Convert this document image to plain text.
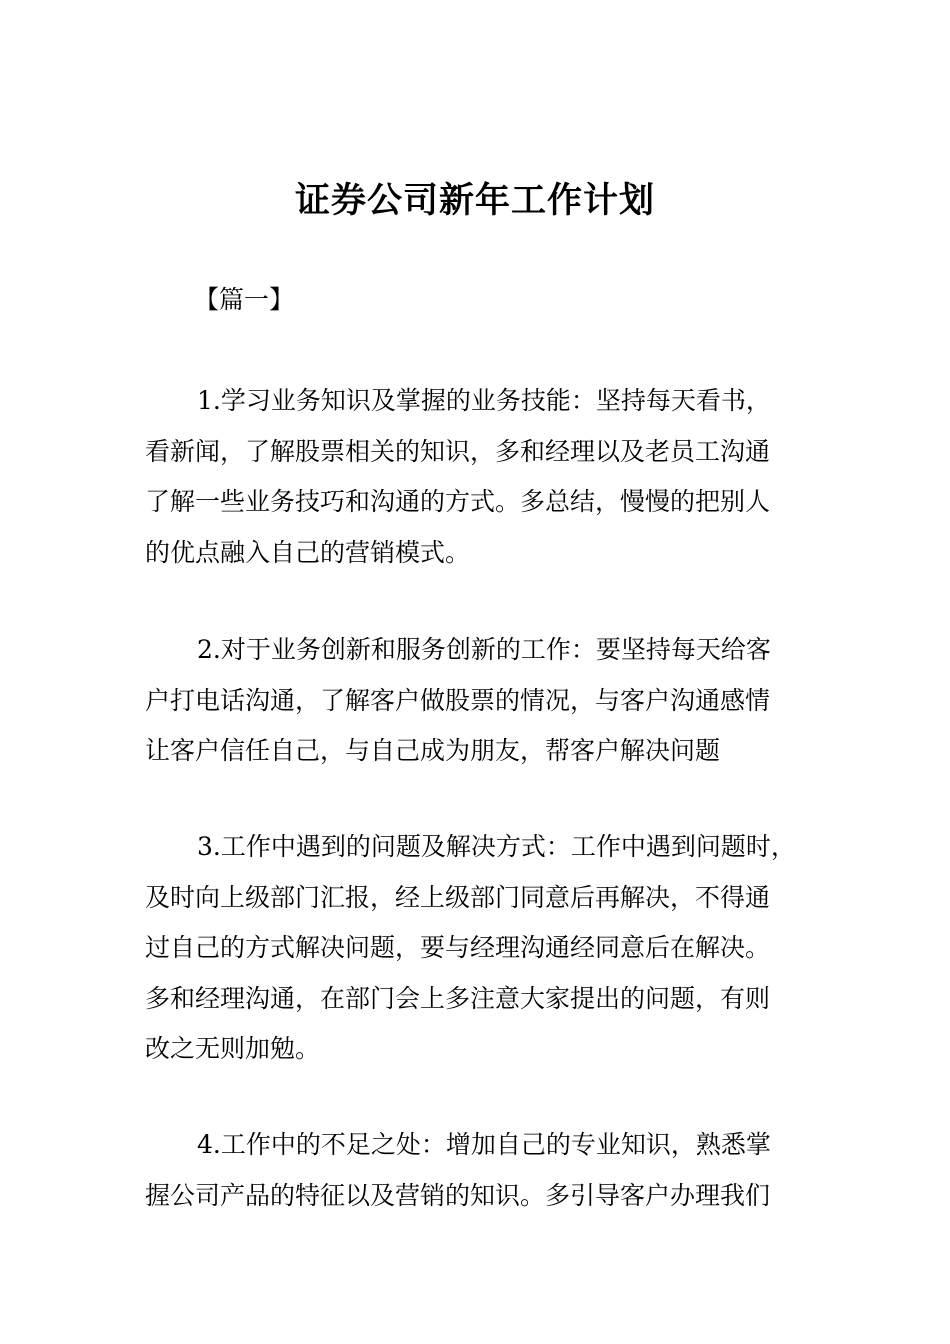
证券公司新年工作计划
【篇一】
1.学习业务知识及掌握的业务技能：坚持每天看书，
看新闻，了解股票相关的知识，多和经理以及老员工沟通
了解一些业务技巧和沟通的方式。多总结，慢慢的把别人
的优点融入自己的营销模式。
2.对于业务创新和服务创新的工作：要坚持每天给客
户打电话沟通，了解客户做股票的情况，与客户沟通感情
让客户信任自己，与自己成为朋友，帮客户解决问题
3.工作中遇到的问题及解决方式：工作中遇到问题时，
及时向上级部门汇报，经上级部门同意后再解决，不得通
过自己的方式解决问题，要与经理沟通经同意后在解决。
多和经理沟通，在部门会上多注意大家提出的问题，有则
改之无则加勉。
4.工作中的不足之处：增加自己的专业知识，熟悉掌
握公司产品的特征以及营销的知识。多引导客户办理我们
